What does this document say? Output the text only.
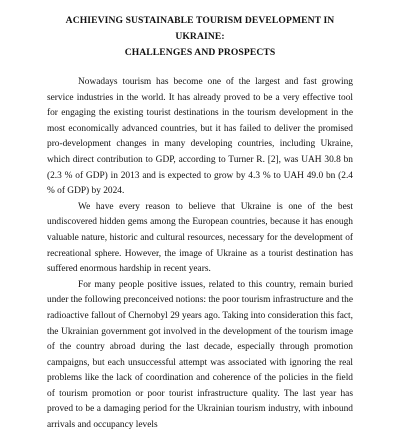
ACHIEVING SUSTAINABLE TOURISM DEVELOPMENT IN UKRAINE:
CHALLENGES AND PROSPECTS

Nowadays tourism has become one of the largest and fast growing service industries in the world. It has already proved to be a very effective tool for engaging the existing tourist destinations in the tourism development in the most economically advanced countries, but it has failed to deliver the promised pro-development changes in many developing countries, including Ukraine, which direct contribution to GDP, according to Turner R. [2], was UAH 30.8 bn (2.3 % of GDP) in 2013 and is expected to grow by 4.3 % to UAH 49.0 bn (2.4 % of GDP) by 2024.

We have every reason to believe that Ukraine is one of the best undiscovered hidden gems among the European countries, because it has enough valuable nature, historic and cultural resources, necessary for the development of recreational sphere. However, the image of Ukraine as a tourist destination has suffered enormous hardship in recent years.

For many people positive issues, related to this country, remain buried under the following preconceived notions: the poor tourism infrastructure and the radioactive fallout of Chernobyl 29 years ago. Taking into consideration this fact, the Ukrainian government got involved in the development of the tourism image of the country abroad during the last decade, especially through promotion campaigns, but each unsuccessful attempt was associated with ignoring the real problems like the lack of coordination and coherence of the policies in the field of tourism promotion or poor tourist infrastructure quality. The last year has proved to be a damaging period for the Ukrainian tourism industry, with inbound arrivals and occupancy levels
